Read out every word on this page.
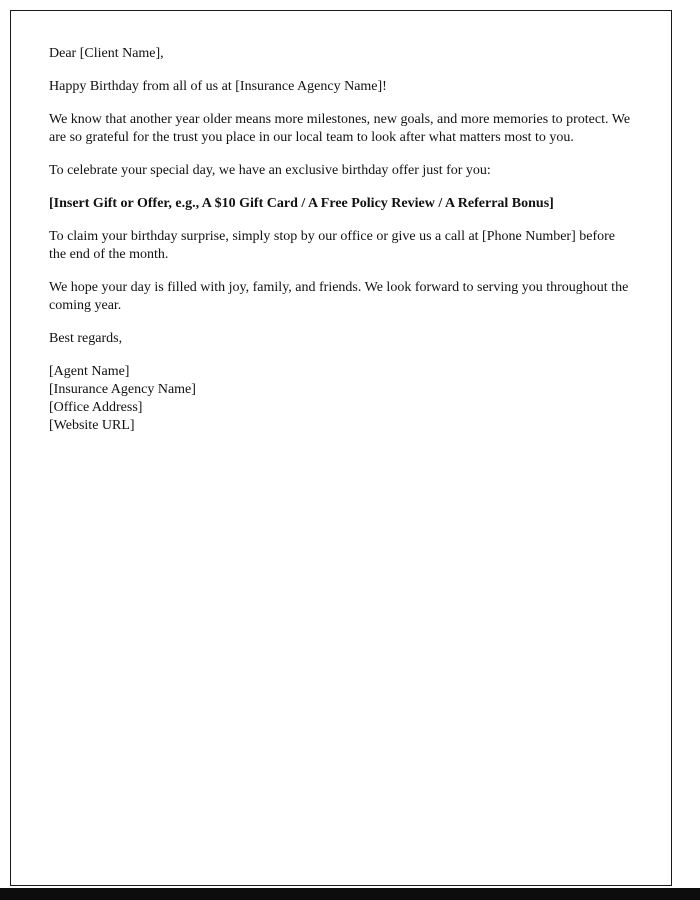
Dear [Client Name],

Happy Birthday from all of us at [Insurance Agency Name]!

We know that another year older means more milestones, new goals, and more memories to protect. We are so grateful for the trust you place in our local team to look after what matters most to you.

To celebrate your special day, we have an exclusive birthday offer just for you:

[Insert Gift or Offer, e.g., A $10 Gift Card / A Free Policy Review / A Referral Bonus]

To claim your birthday surprise, simply stop by our office or give us a call at [Phone Number] before the end of the month.

We hope your day is filled with joy, family, and friends. We look forward to serving you throughout the coming year.

Best regards,

[Agent Name]

[Insurance Agency Name]

[Office Address]

[Website URL]
